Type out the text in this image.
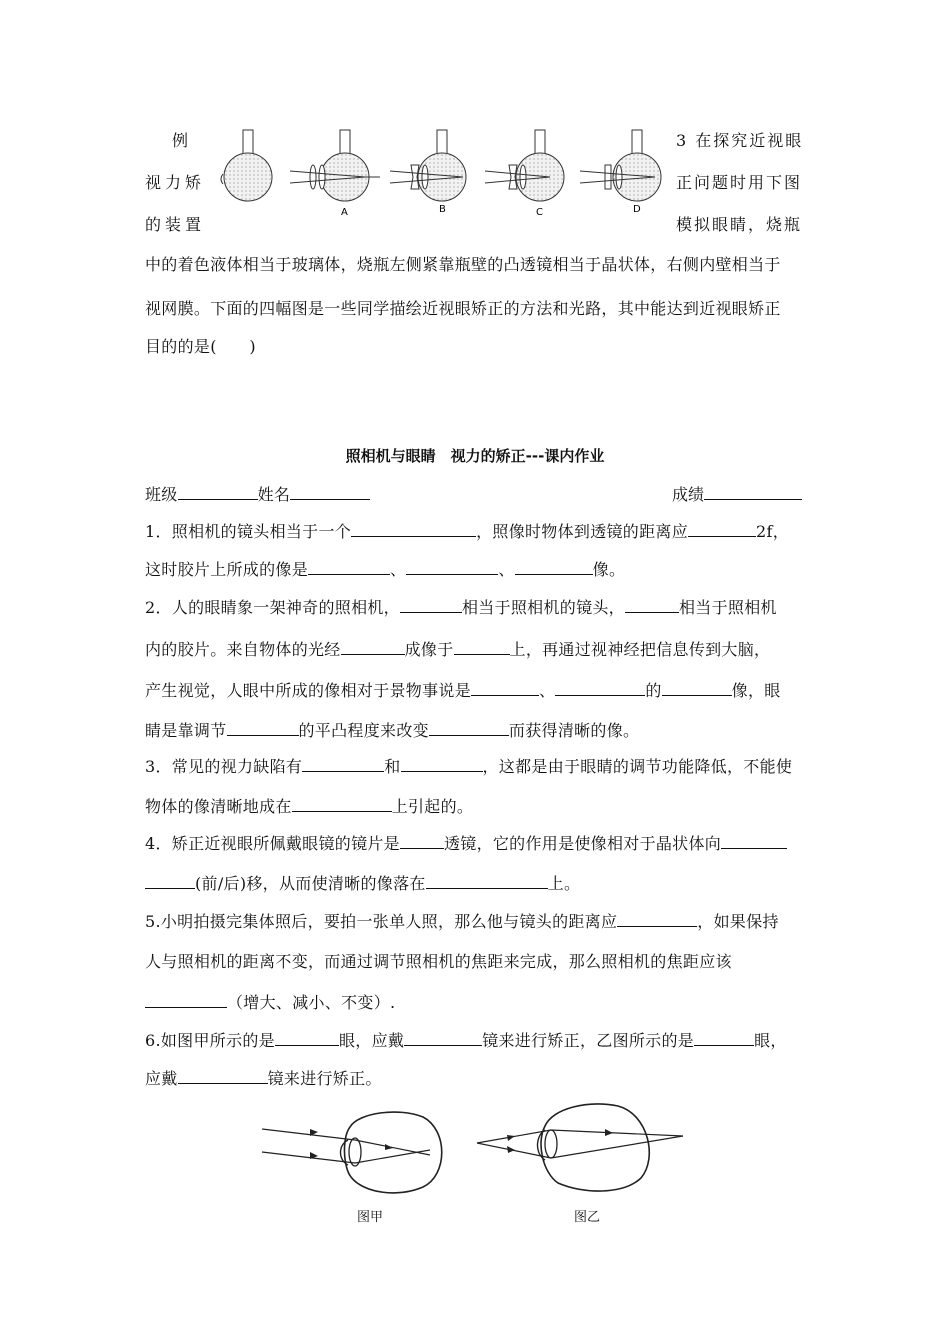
例
视力矫
的装置
3 在探究近视眼
正问题时用下图
模拟眼睛，烧瓶
A	B	C	D
中的着色液体相当于玻璃体，烧瓶左侧紧靠瓶壁的凸透镜相当于晶状体，右侧内壁相当于
视网膜。下面的四幅图是一些同学描绘近视眼矫正的方法和光路，其中能达到近视眼矫正
目的的是(　　)
照相机与眼睛　视力的矫正---课内作业
班级	姓名	成绩
1．照相机的镜头相当于一个	，照像时物体到透镜的距离应	2f，
这时胶片上所成的像是	、	、	像。
2．人的眼睛象一架神奇的照相机，	相当于照相机的镜头，	相当于照相机
内的胶片。来自物体的光经	成像于	上，再通过视神经把信息传到大脑，
产生视觉，人眼中所成的像相对于景物事说是	、	的	像，眼
睛是靠调节	的平凸程度来改变	而获得清晰的像。
3．常见的视力缺陷有	和	，这都是由于眼睛的调节功能降低，不能使
物体的像清晰地成在	上引起的。
4．矫正近视眼所佩戴眼镜的镜片是	透镜，它的作用是使像相对于晶状体向
(前/后)移，从而使清晰的像落在	上。
5.小明拍摄完集体照后，要拍一张单人照，那么他与镜头的距离应	，如果保持
人与照相机的距离不变，而通过调节照相机的焦距来完成，那么照相机的焦距应该
（增大、减小、不变）.
6.如图甲所示的是	眼，应戴	镜来进行矫正，乙图所示的是	眼，
应戴	镜来进行矫正。
图甲	图乙
